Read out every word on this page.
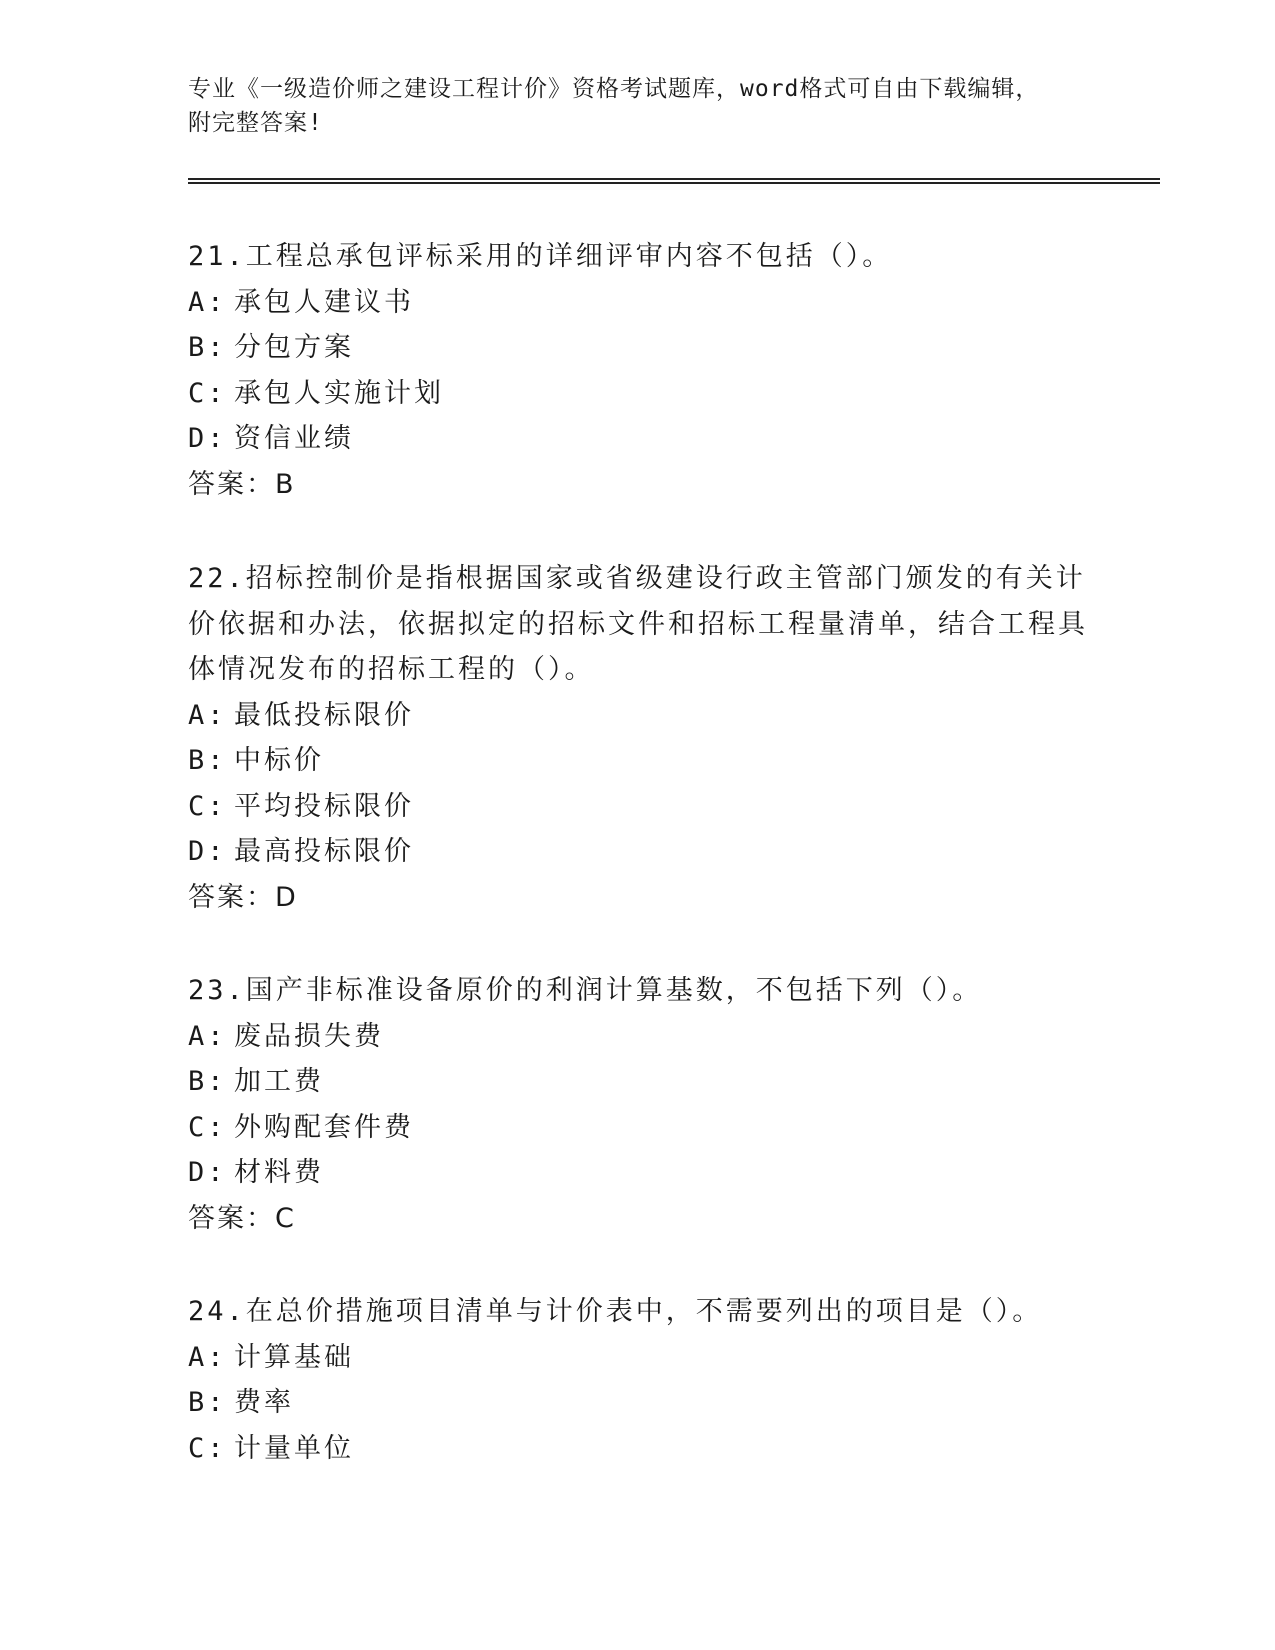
专业《一级造价师之建设工程计价》资格考试题库，word格式可自由下载编辑，

附完整答案!

21.工程总承包评标采用的详细评审内容不包括（）。

A: 承包人建议书
B: 分包方案
C: 承包人实施计划
D: 资信业绩

答案：B

22.招标控制价是指根据国家或省级建设行政主管部门颁发的有关计价依据和办法，依据拟定的招标文件和招标工程量清单，结合工程具体情况发布的招标工程的（）。

A: 最低投标限价
B: 中标价
C: 平均投标限价
D: 最高投标限价

答案：D

23.国产非标准设备原价的利润计算基数，不包括下列（）。

A: 废品损失费
B: 加工费
C: 外购配套件费
D: 材料费

答案：C

24.在总价措施项目清单与计价表中，不需要列出的项目是（）。

A: 计算基础
B: 费率
C: 计量单位
